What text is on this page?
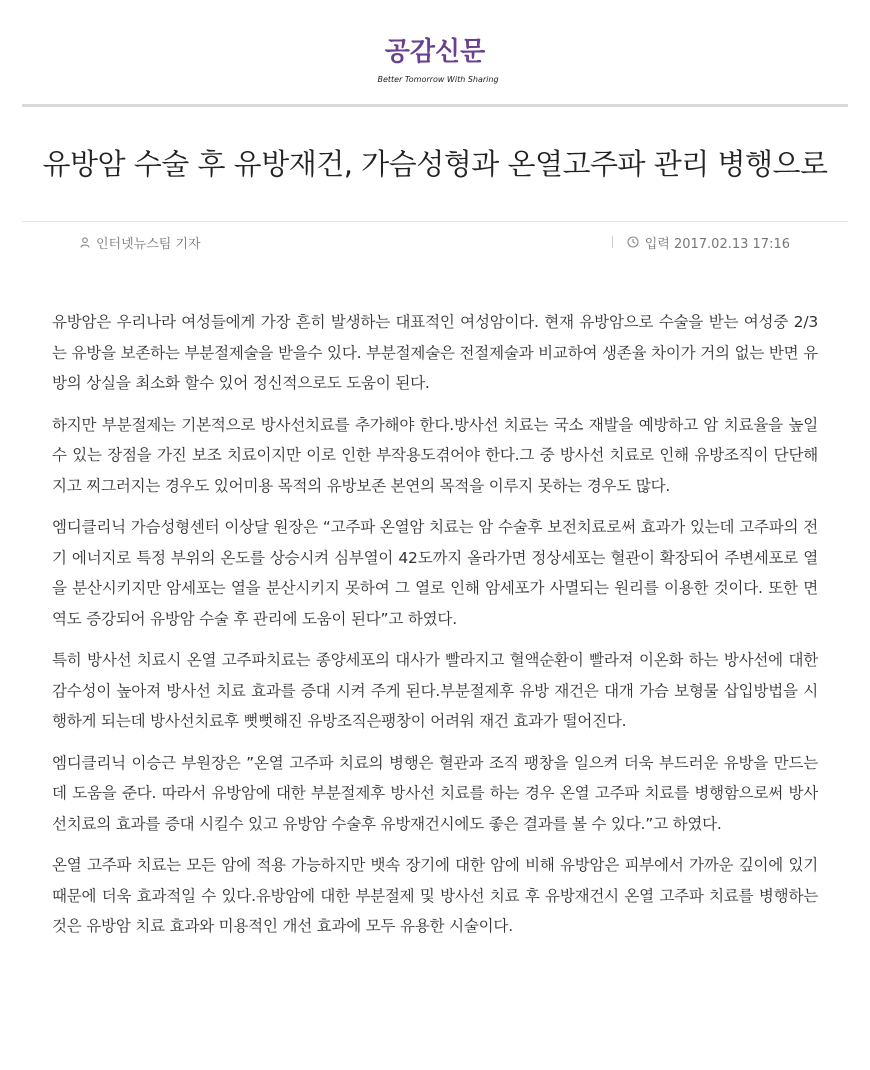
공감신문
Better Tomorrow With Sharing
유방암 수술 후 유방재건, 가슴성형과 온열고주파 관리 병행으로
인터넷뉴스팀 기자	입력 2017.02.13 17:16

유방암은 우리나라 여성들에게 가장 흔히 발생하는 대표적인 여성암이다. 현재 유방암으로 수술을 받는 여성중 2/3는 유방을 보존하는 부분절제술을 받을수 있다. 부분절제술은 전절제술과 비교하여 생존율 차이가 거의 없는 반면 유방의 상실을 최소화 할수 있어 정신적으로도 도움이 된다.

하지만 부분절제는 기본적으로 방사선치료를 추가해야 한다.방사선 치료는 국소 재발을 예방하고 암 치료율을 높일 수 있는 장점을 가진 보조 치료이지만 이로 인한 부작용도겪어야 한다.그 중 방사선 치료로 인해 유방조직이 단단해지고 찌그러지는 경우도 있어미용 목적의 유방보존 본연의 목적을 이루지 못하는 경우도 많다.

엠디클리닉 가슴성형센터 이상달 원장은 “고주파 온열암 치료는 암 수술후 보전치료로써 효과가 있는데 고주파의 전기 에너지로 특정 부위의 온도를 상승시켜 심부열이 42도까지 올라가면 정상세포는 혈관이 확장되어 주변세포로 열을 분산시키지만 암세포는 열을 분산시키지 못하여 그 열로 인해 암세포가 사멸되는 원리를 이용한 것이다. 또한 면역도 증강되어 유방암 수술 후 관리에 도움이 된다”고 하였다.

특히 방사선 치료시 온열 고주파치료는 종양세포의 대사가 빨라지고 혈액순환이 빨라져 이온화 하는 방사선에 대한 감수성이 높아져 방사선 치료 효과를 증대 시켜 주게 된다.부분절제후 유방 재건은 대개 가슴 보형물 삽입방법을 시행하게 되는데 방사선치료후 뻣뻣해진 유방조직은팽창이 어려워 재건 효과가 떨어진다.

엠디클리닉 이승근 부원장은 ”온열 고주파 치료의 병행은 혈관과 조직 팽창을 일으켜 더욱 부드러운 유방을 만드는데 도움을 준다. 따라서 유방암에 대한 부분절제후 방사선 치료를 하는 경우 온열 고주파 치료를 병행함으로써 방사선치료의 효과를 증대 시킬수 있고 유방암 수술후 유방재건시에도 좋은 결과를 볼 수 있다.”고 하였다.

온열 고주파 치료는 모든 암에 적용 가능하지만 뱃속 장기에 대한 암에 비해 유방암은 피부에서 가까운 깊이에 있기 때문에 더욱 효과적일 수 있다.유방암에 대한 부분절제 및 방사선 치료 후 유방재건시 온열 고주파 치료를 병행하는 것은 유방암 치료 효과와 미용적인 개선 효과에 모두 유용한 시술이다.
